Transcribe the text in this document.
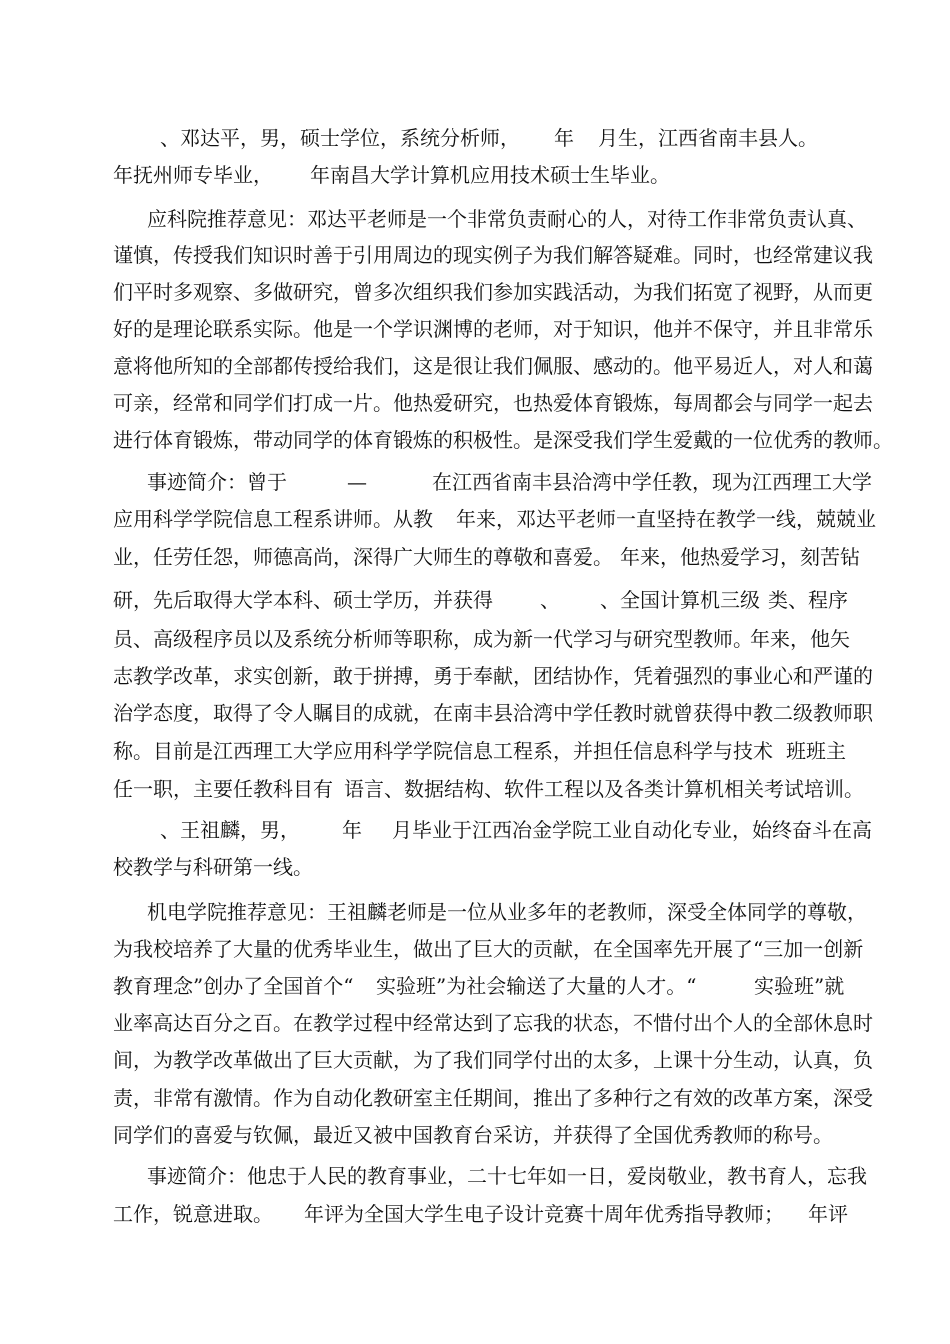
、邓达平，男，硕士学位，系统分析师， 年 月生，江西省南丰县人。
年抚州师专毕业， 年南昌大学计算机应用技术硕士生毕业。
应科院推荐意见：邓达平老师是一个非常负责耐心的人，对待工作非常负责认真、
谨慎，传授我们知识时善于引用周边的现实例子为我们解答疑难。同时，也经常建议我
们平时多观察、多做研究，曾多次组织我们参加实践活动，为我们拓宽了视野，从而更
好的是理论联系实际。他是一个学识渊博的老师，对于知识，他并不保守，并且非常乐
意将他所知的全部都传授给我们，这是很让我们佩服、感动的。他平易近人，对人和蔼
可亲，经常和同学们打成一片。他热爱研究，也热爱体育锻炼，每周都会与同学一起去
进行体育锻炼，带动同学的体育锻炼的积极性。是深受我们学生爱戴的一位优秀的教师。
事迹简介：曾于	—	在江西省南丰县洽湾中学任教，现为江西理工大学
应用科学学院信息工程系讲师。从教 年来，邓达平老师一直坚持在教学一线，兢兢业
业，任劳任怨，师德高尚，深得广大师生的尊敬和喜爱。 年来，他热爱学习，刻苦钻
研，先后取得大学本科、硕士学历，并获得 、 、全国计算机三级 类、程序
员、高级程序员以及系统分析师等职称，成为新一代学习与研究型教师。
年来，他矢
志教学改革，求实创新，敢于拼搏，勇于奉献，团结协作，凭着强烈的事业心和严谨的
治学态度，取得了令人瞩目的成就，在南丰县洽湾中学任教时就曾获得中教二级教师职
称。目前是江西理工大学应用科学学院信息工程系，并担任信息科学与技术 班班主
任一职，主要任教科目有 语言、数据结构、软件工程以及各类计算机相关考试培训。
、王祖麟，男， 年 月毕业于江西冶金学院工业自动化专业，始终奋斗在高
校教学与科研第一线。
机电学院推荐意见：王祖麟老师是一位从业多年的老教师，深受全体同学的尊敬，
为我校培养了大量的优秀毕业生，做出了巨大的贡献，在全国率先开展了“三加一创新
教育理念”创办了全国首个“ 实验班”为社会输送了大量的人才。“	实验班”就
业率高达百分之百。在教学过程中经常达到了忘我的状态，不惜付出个人的全部休息时
间，为教学改革做出了巨大贡献，为了我们同学付出的太多，上课十分生动，认真，负
责，非常有激情。作为自动化教研室主任期间，推出了多种行之有效的改革方案，深受
同学们的喜爱与钦佩，最近又被中国教育台采访，并获得了全国优秀教师的称号。
事迹简介：他忠于人民的教育事业，二十七年如一日，爱岗敬业，教书育人，忘我
工作，锐意进取。 年评为全国大学生电子设计竞赛十周年优秀指导教师； 年评
